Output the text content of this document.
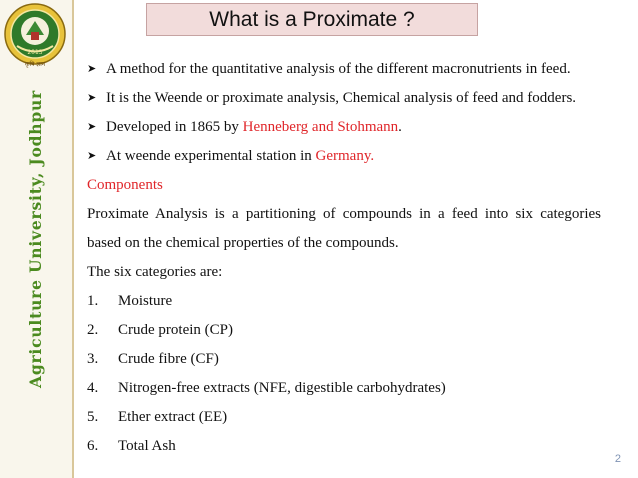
2013
कृषि ज्ञान
Agriculture University, Jodhpur
What is a Proximate ?
➤ A method for the quantitative analysis of the different macronutrients in feed.
➤ It is the Weende or proximate analysis, Chemical analysis of feed and fodders.
➤ Developed in 1865 by Henneberg and Stohmann.
➤ At weende experimental station in Germany.
Components
Proximate Analysis is a partitioning of compounds in a feed into six categories
based on the chemical properties of the compounds.
The six categories are:
1. Moisture
2. Crude protein (CP)
3. Crude fibre (CF)
4. Nitrogen-free extracts (NFE, digestible carbohydrates)
5. Ether extract (EE)
6. Total Ash
2
